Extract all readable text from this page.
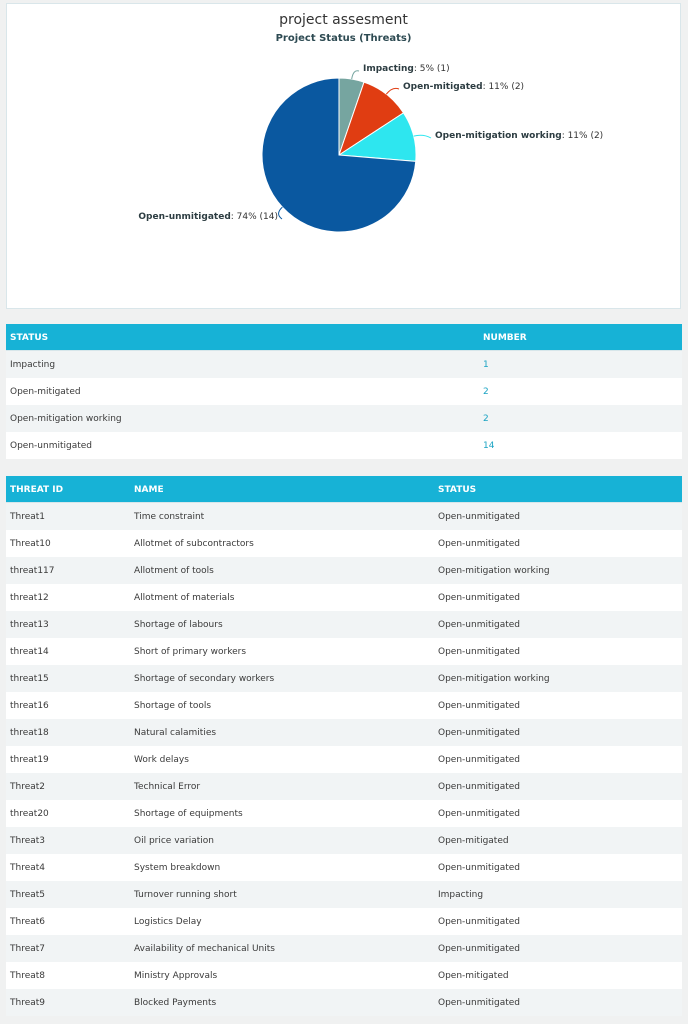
project assesment
Project Status (Threats)
Impacting: 5% (1)
Open-mitigated: 11% (2)
Open-mitigation working: 11% (2)
Open-unmitigated: 74% (14)
STATUS	NUMBER
Impacting	1
Open-mitigated	2
Open-mitigation working	2
Open-unmitigated	14
THREAT ID	NAME	STATUS
Threat1	Time constraint	Open-unmitigated
Threat10	Allotmet of subcontractors	Open-unmitigated
threat117	Allotment of tools	Open-mitigation working
threat12	Allotment of materials	Open-unmitigated
threat13	Shortage of labours	Open-unmitigated
threat14	Short of primary workers	Open-unmitigated
threat15	Shortage of secondary workers	Open-mitigation working
threat16	Shortage of tools	Open-unmitigated
threat18	Natural calamities	Open-unmitigated
threat19	Work delays	Open-unmitigated
Threat2	Technical Error	Open-unmitigated
threat20	Shortage of equipments	Open-unmitigated
Threat3	Oil price variation	Open-mitigated
Threat4	System breakdown	Open-unmitigated
Threat5	Turnover running short	Impacting
Threat6	Logistics Delay	Open-unmitigated
Threat7	Availability of mechanical Units	Open-unmitigated
Threat8	Ministry Approvals	Open-mitigated
Threat9	Blocked Payments	Open-unmitigated
